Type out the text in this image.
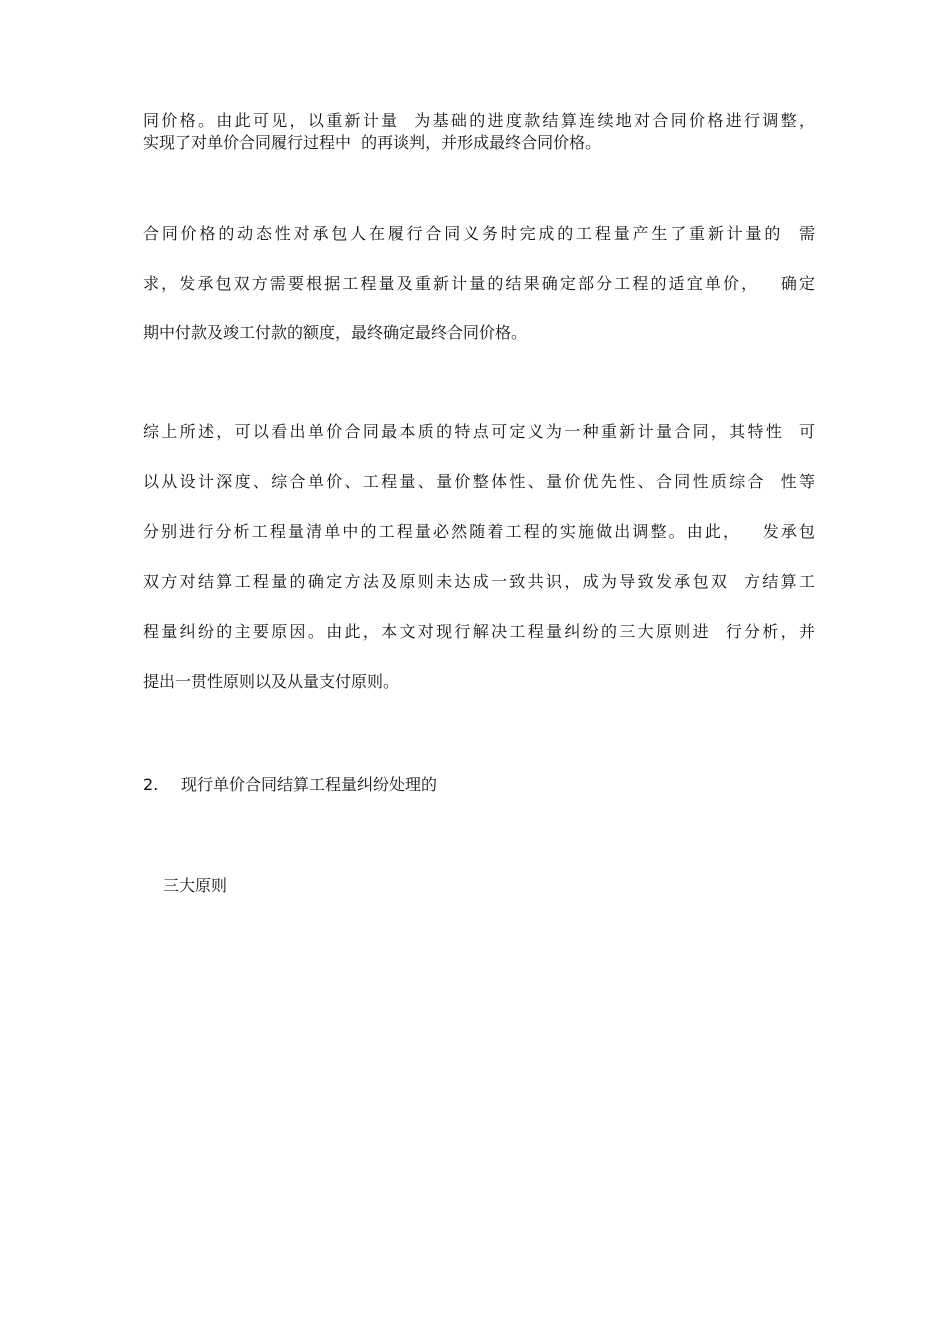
同价格。由此可见，以重新计量  为基础的进度款结算连续地对合同价格进行调整，
实现了对单价合同履行过程中  的再谈判，并形成最终合同价格。
合同价格的动态性对承包人在履行合同义务时完成的工程量产生了重新计量的  需
求，发承包双方需要根据工程量及重新计量的结果确定部分工程的适宜单价，   确定
期中付款及竣工付款的额度，最终确定最终合同价格。
综上所述，可以看出单价合同最本质的特点可定义为一种重新计量合同，其特性  可
以从设计深度、综合单价、工程量、量价整体性、量价优先性、合同性质综合  性等
分别进行分析工程量清单中的工程量必然随着工程的实施做出调整。由此，   发承包
双方对结算工程量的确定方法及原则未达成一致共识，成为导致发承包双  方结算工
程量纠纷的主要原因。由此，本文对现行解决工程量纠纷的三大原则进  行分析，并
提出一贯性原则以及从量支付原则。
2. 现行单价合同结算工程量纠纷处理的
三大原则
